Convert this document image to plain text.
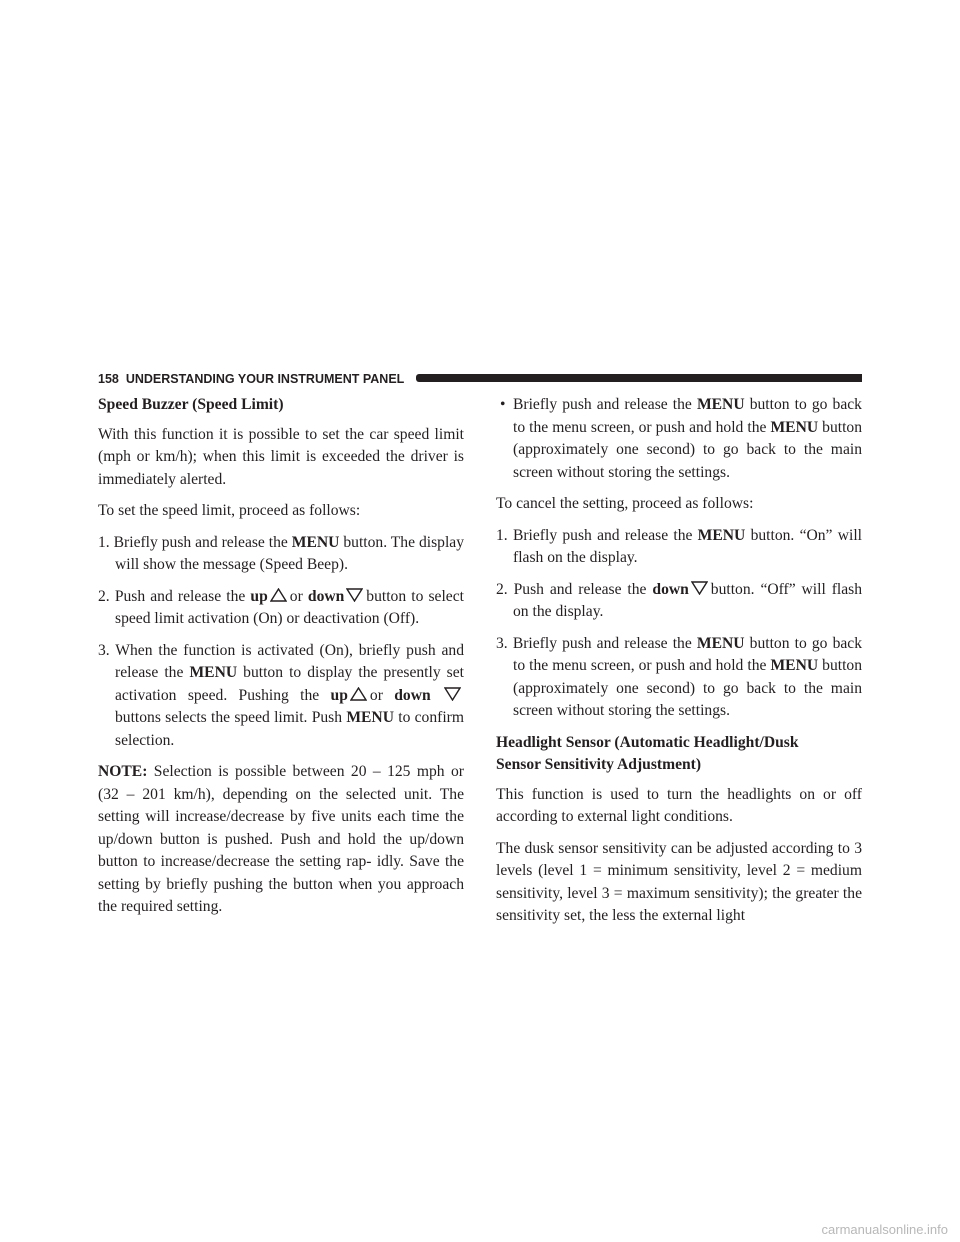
158 UNDERSTANDING YOUR INSTRUMENT PANEL

Speed Buzzer (Speed Limit)

With this function it is possible to set the car speed limit (mph or km/h); when this limit is exceeded the driver is immediately alerted.

To set the speed limit, proceed as follows:

1. Briefly push and release the MENU button. The display will show the message (Speed Beep).

2. Push and release the up or down button to select speed limit activation (On) or deactivation (Off).

3. When the function is activated (On), briefly push and release the MENU button to display the presently set activation speed. Pushing the up or down
buttons selects the speed limit. Push MENU to confirm selection.

NOTE: Selection is possible between 20 – 125 mph or (32 – 201 km/h), depending on the selected unit. The setting will increase/decrease by five units each time the up/down button is pushed. Push and hold the up/down button to increase/decrease the setting rap- idly. Save the setting by briefly pushing the button when you approach the required setting.

• Briefly push and release the MENU button to go back to the menu screen, or push and hold the MENU button (approximately one second) to go back to the main screen without storing the settings.

To cancel the setting, proceed as follows:

1. Briefly push and release the MENU button. “On” will flash on the display.

2. Push and release the down button. “Off” will flash on the display.

3. Briefly push and release the MENU button to go back to the menu screen, or push and hold the MENU button (approximately one second) to go back to the main screen without storing the settings.

Headlight Sensor (Automatic Headlight/Dusk
Sensor Sensitivity Adjustment)

This function is used to turn the headlights on or off according to external light conditions.

The dusk sensor sensitivity can be adjusted according to 3 levels (level 1 = minimum sensitivity, level 2 = medium sensitivity, level 3 = maximum sensitivity); the greater the sensitivity set, the less the external light

carmanualsonline.info
